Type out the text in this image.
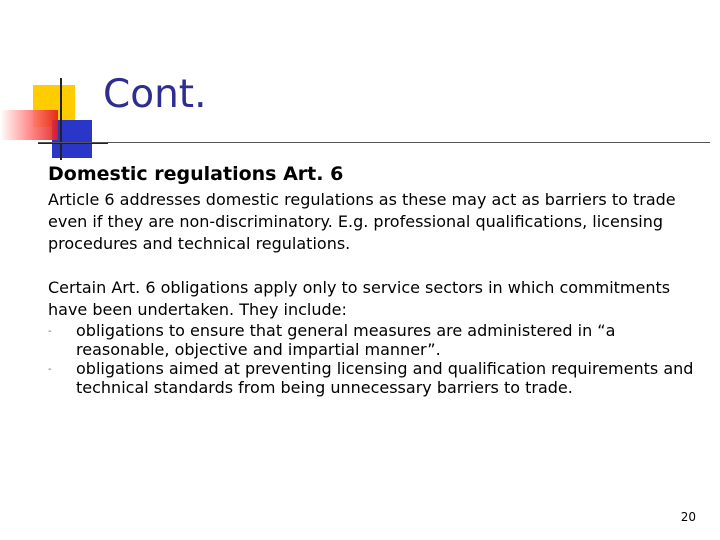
Cont.
Domestic regulations Art. 6

Article 6 addresses domestic regulations as these may act as barriers to trade even if they are non-discriminatory. E.g. professional qualifications, licensing procedures and technical regulations.

Certain Art. 6 obligations apply only to service sectors in which commitments have been undertaken. They include:

- obligations to ensure that general measures are administered in “a reasonable, objective and impartial manner”.
- obligations aimed at preventing licensing and qualification requirements and technical standards from being unnecessary barriers to trade.
20
